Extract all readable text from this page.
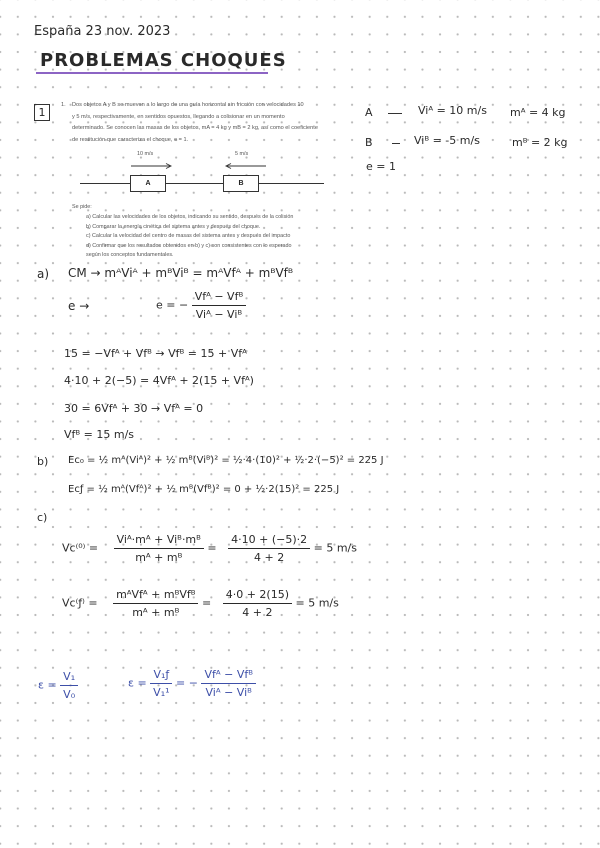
España 23 nov. 2023
PROBLEMAS CHOQUES
1
1. Dos objetos A y B se mueven a lo largo de una guía horizontal sin fricción con velocidades 10
y 5 m/s, respectivamente, en sentidos opuestos, llegando a colisionar en un momento
determinado. Se conocen las masas de los objetos, mA = 4 kg y mB = 2 kg, así como el coeficiente
de restitución que caracteriza el choque, e = 1.
10 m/s	5 m/s
A	B
Se pide:
a) Calcular las velocidades de los objetos, indicando su sentido, después de la colisión
b) Comparar la energía cinética del sistema antes y después del choque.
c) Calcular la velocidad del centro de masas del sistema antes y después del impacto
d) Confirmar que los resultados obtenidos en b) y c) son consistentes con lo esperado
según los conceptos fundamentales.
A	Viᴬ = 10 m/s mᴬ = 4 kg
B	Viᴮ = -5 m/s	mᴮ = 2 kg
e = 1
a) CM → mᴬViᴬ + mᴮViᴮ = mᴬVfᴬ + mᴮVfᴮ
e →	e = − $\frac{\text{Vfᴬ − Vfᴮ}}{\text{Viᴬ − Viᴮ}}$
15 = −Vfᴬ + Vfᴮ → Vfᴮ = 15 + Vfᴬ
4·10 + 2(−5) = 4Vfᴬ + 2(15 + Vfᴬ)
30 = 6Vfᴬ + 30 → Vfᴬ = 0
Vfᴮ = 15 m/s
b) Ec₀ = ½ mᴬ(Viᴬ)² + ½ mᴮ(Viᴮ)² = ½·4·(10)² + ½·2·(−5)² = 225 J
Ecƒ = ½ mᴬ(Vfᴬ)² + ½ mᴮ(Vfᴮ)² = 0 + ½·2(15)² = 225 J
c)
$Vc^{(0)} = \frac{\text{Viᴬ·mᴬ + Viᴮ·mᴮ}}{\text{mᴬ + mᴮ}} = \frac{4\cdot 10 + (-5)\cdot 2}{4 + 2} = 5$ m/s
Vc⁽ƒ⁾ = $\frac{\text{mᴬVfᴬ + mᴮVfᴮ}}{\text{mᴬ + mᴮ}} = \frac{4\cdot 0 + 2(15)}{4 + 2} = 5$ m/s
$\varepsilon = \frac{\text{V₁}}{\text{V₀}}$	$\varepsilon = \frac{\text{V₁ƒ}}{\text{V₁¹}}$ = − $\frac{\text{Vfᴬ − Vfᴮ}}{\text{Viᴬ − Viᴮ}}$
